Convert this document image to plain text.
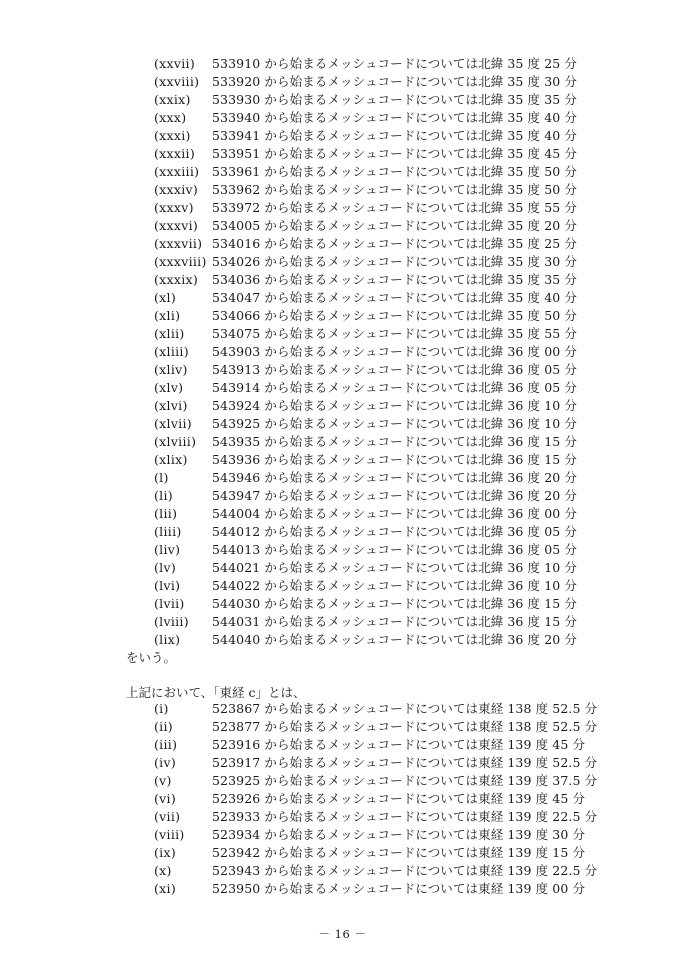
(xxvii) 533910 から始まるメッシュコードについては北緯 35 度 25 分
(xxviii) 533920 から始まるメッシュコードについては北緯 35 度 30 分
(xxix) 533930 から始まるメッシュコードについては北緯 35 度 35 分
(xxx) 533940 から始まるメッシュコードについては北緯 35 度 40 分
(xxxi) 533941 から始まるメッシュコードについては北緯 35 度 40 分
(xxxii) 533951 から始まるメッシュコードについては北緯 35 度 45 分
(xxxiii) 533961 から始まるメッシュコードについては北緯 35 度 50 分
(xxxiv) 533962 から始まるメッシュコードについては北緯 35 度 50 分
(xxxv) 533972 から始まるメッシュコードについては北緯 35 度 55 分
(xxxvi) 534005 から始まるメッシュコードについては北緯 35 度 20 分
(xxxvii) 534016 から始まるメッシュコードについては北緯 35 度 25 分
(xxxviii) 534026 から始まるメッシュコードについては北緯 35 度 30 分
(xxxix) 534036 から始まるメッシュコードについては北緯 35 度 35 分
(xl)	534047 から始まるメッシュコードについては北緯 35 度 40 分
(xli)	534066 から始まるメッシュコードについては北緯 35 度 50 分
(xlii) 534075 から始まるメッシュコードについては北緯 35 度 55 分
(xliii) 543903 から始まるメッシュコードについては北緯 36 度 00 分
(xliv) 543913 から始まるメッシュコードについては北緯 36 度 05 分
(xlv) 543914 から始まるメッシュコードについては北緯 36 度 05 分
(xlvi) 543924 から始まるメッシュコードについては北緯 36 度 10 分
(xlvii) 543925 から始まるメッシュコードについては北緯 36 度 10 分
(xlviii) 543935 から始まるメッシュコードについては北緯 36 度 15 分
(xlix) 543936 から始まるメッシュコードについては北緯 36 度 15 分
(l)	543946 から始まるメッシュコードについては北緯 36 度 20 分
(li)	543947 から始まるメッシュコードについては北緯 36 度 20 分
(lii)	544004 から始まるメッシュコードについては北緯 36 度 00 分
(liii) 544012 から始まるメッシュコードについては北緯 36 度 05 分
(liv)	544013 から始まるメッシュコードについては北緯 36 度 05 分
(lv)	544021 から始まるメッシュコードについては北緯 36 度 10 分
(lvi)	544022 から始まるメッシュコードについては北緯 36 度 10 分
(lvii) 544030 から始まるメッシュコードについては北緯 36 度 15 分
(lviii) 544031 から始まるメッシュコードについては北緯 36 度 15 分
(lix)	544040 から始まるメッシュコードについては北緯 36 度 20 分
をいう。
上記において、「東経 c」とは、
(i)	523867 から始まるメッシュコードについては東経 138 度 52.5 分
(ii)	523877 から始まるメッシュコードについては東経 138 度 52.5 分
(iii)	523916 から始まるメッシュコードについては東経 139 度 45 分
(iv)	523917 から始まるメッシュコードについては東経 139 度 52.5 分
(v)	523925 から始まるメッシュコードについては東経 139 度 37.5 分
(vi)	523926 から始まるメッシュコードについては東経 139 度 45 分
(vii)	523933 から始まるメッシュコードについては東経 139 度 22.5 分
(viii) 523934 から始まるメッシュコードについては東経 139 度 30 分
(ix)	523942 から始まるメッシュコードについては東経 139 度 15 分
(x)	523943 から始まるメッシュコードについては東経 139 度 22.5 分
(xi)	523950 から始まるメッシュコードについては東経 139 度 00 分
－ 16 －
